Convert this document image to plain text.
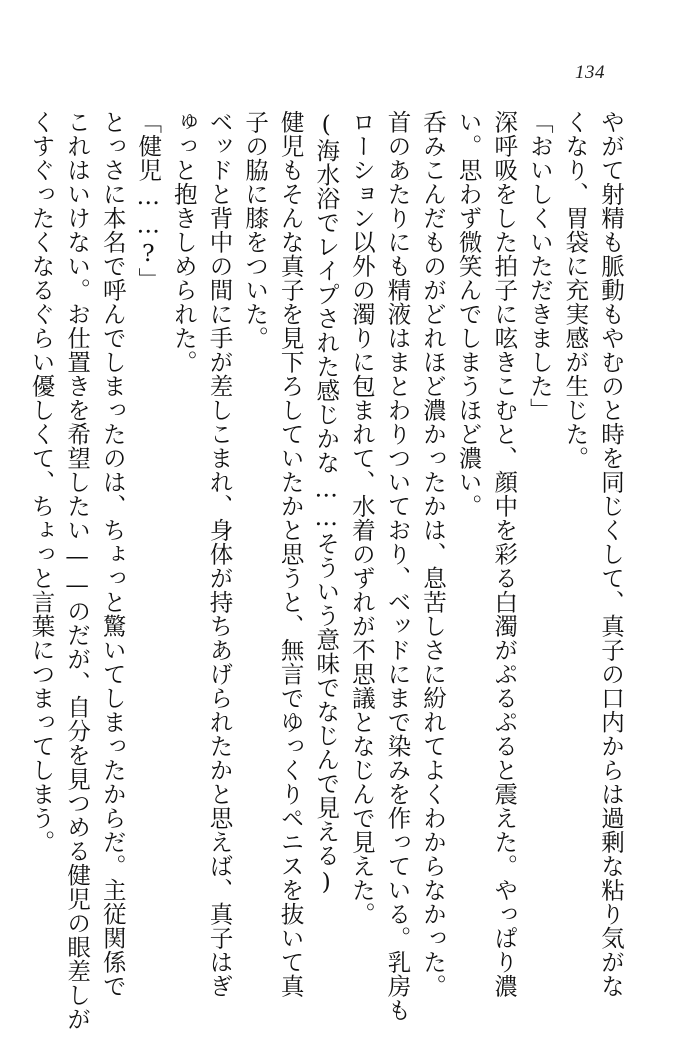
134
やがて射精も脈動もやむのと時を同じくして、真子の口内からは過剰な粘り気がな
くなり、胃袋に充実感が生じた。
「おいしくいただきました」
深呼吸をした拍子に呟きこむと、顔中を彩る白濁がぷるぷると震えた。やっぱり濃
い。思わず微笑んでしまうほど濃い。
呑みこんだものがどれほど濃かったかは、息苦しさに紛れてよくわからなかった。
首のあたりにも精液はまとわりついており、ベッドにまで染みを作っている。乳房も
ローション以外の濁りに包まれて、水着のずれが不思議となじんで見えた。
(海水浴でレイプされた感じかな……そういう意味でなじんで見える)
健児もそんな真子を見下ろしていたかと思うと、無言でゆっくりペニスを抜いて真
子の脇に膝をついた。
ベッドと背中の間に手が差しこまれ、身体が持ちあげられたかと思えば、真子はぎ
ゅっと抱きしめられた。
「健児……?」
とっさに本名で呼んでしまったのは、ちょっと驚いてしまったからだ。主従関係で
これはいけない。お仕置きを希望したい——のだが、自分を見つめる健児の眼差しが
くすぐったくなるぐらい優しくて、ちょっと言葉につまってしまう。
